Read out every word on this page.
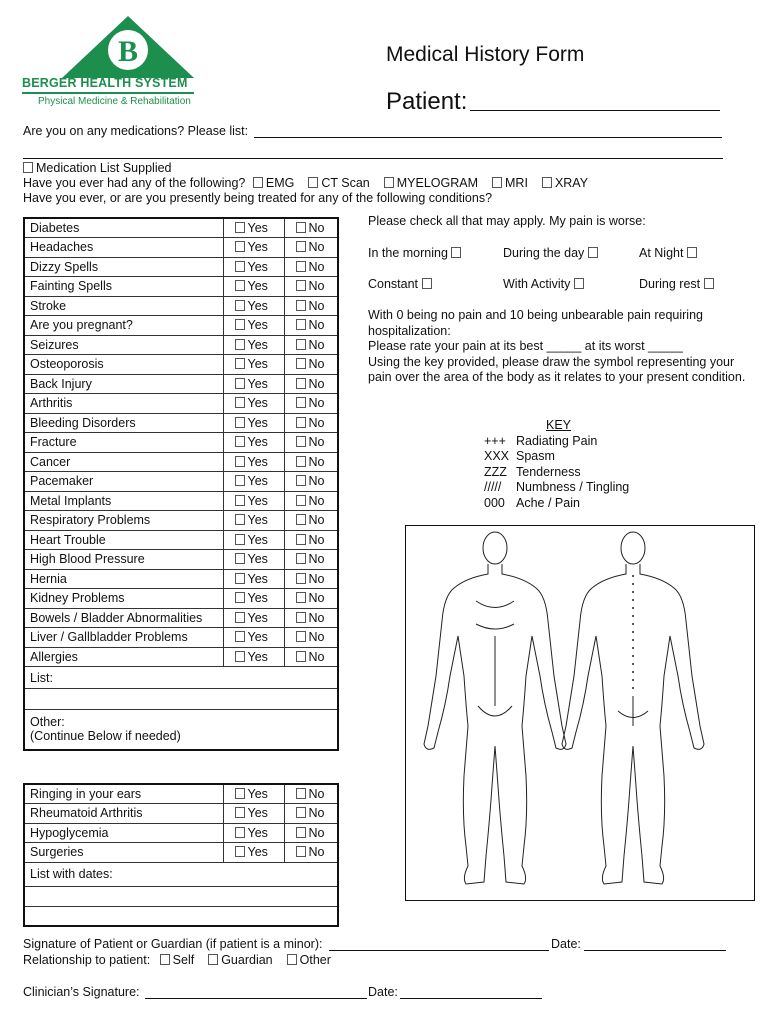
B
BERGER HEALTH SYSTEM
Physical Medicine & Rehabilitation
Medical History Form
Patient:
Are you on any medications? Please list:
Medication List Supplied
Have you ever had any of the following? EMG CT Scan MYELOGRAM MRI XRAY
Have you ever, or are you presently being treated for any of the following conditions?
Diabetes	Yes	No
Headaches	Yes	No
Dizzy Spells	Yes	No
Fainting Spells	Yes	No
Stroke	Yes	No
Are you pregnant?	Yes	No
Seizures	Yes	No
Osteoporosis	Yes	No
Back Injury	Yes	No
Arthritis	Yes	No
Bleeding Disorders	Yes	No
Fracture	Yes	No
Cancer	Yes	No
Pacemaker	Yes	No
Metal Implants	Yes	No
Respiratory Problems	Yes	No
Heart Trouble	Yes	No
High Blood Pressure	Yes	No
Hernia	Yes	No
Kidney Problems	Yes	No
Bowels / Bladder Abnormalities	Yes	No
Liver / Gallbladder Problems	Yes	No
Allergies	Yes	No
List:		

Other:
(Continue Below if needed)		
Ringing in your ears	Yes	No
Rheumatoid Arthritis	Yes	No
Hypoglycemia	Yes	No
Surgeries	Yes	No
List with dates:		

Please check all that may apply. My pain is worse:
In the morning	During the day	At Night
Constant	With Activity	During rest
With 0 being no pain and 10 being unbearable pain requiring
hospitalization:
Please rate your pain at its best _____ at its worst _____
Using the key provided, please draw the symbol representing your
pain over the area of the body as it relates to your present condition.
KEY
+++ Radiating Pain
XXX Spasm
ZZZ Tenderness
///// Numbness / Tingling
000 Ache / Pain
Signature of Patient or Guardian (if patient is a minor):	Date:
Relationship to patient: Self Guardian Other
Clinician’s Signature:	Date:
